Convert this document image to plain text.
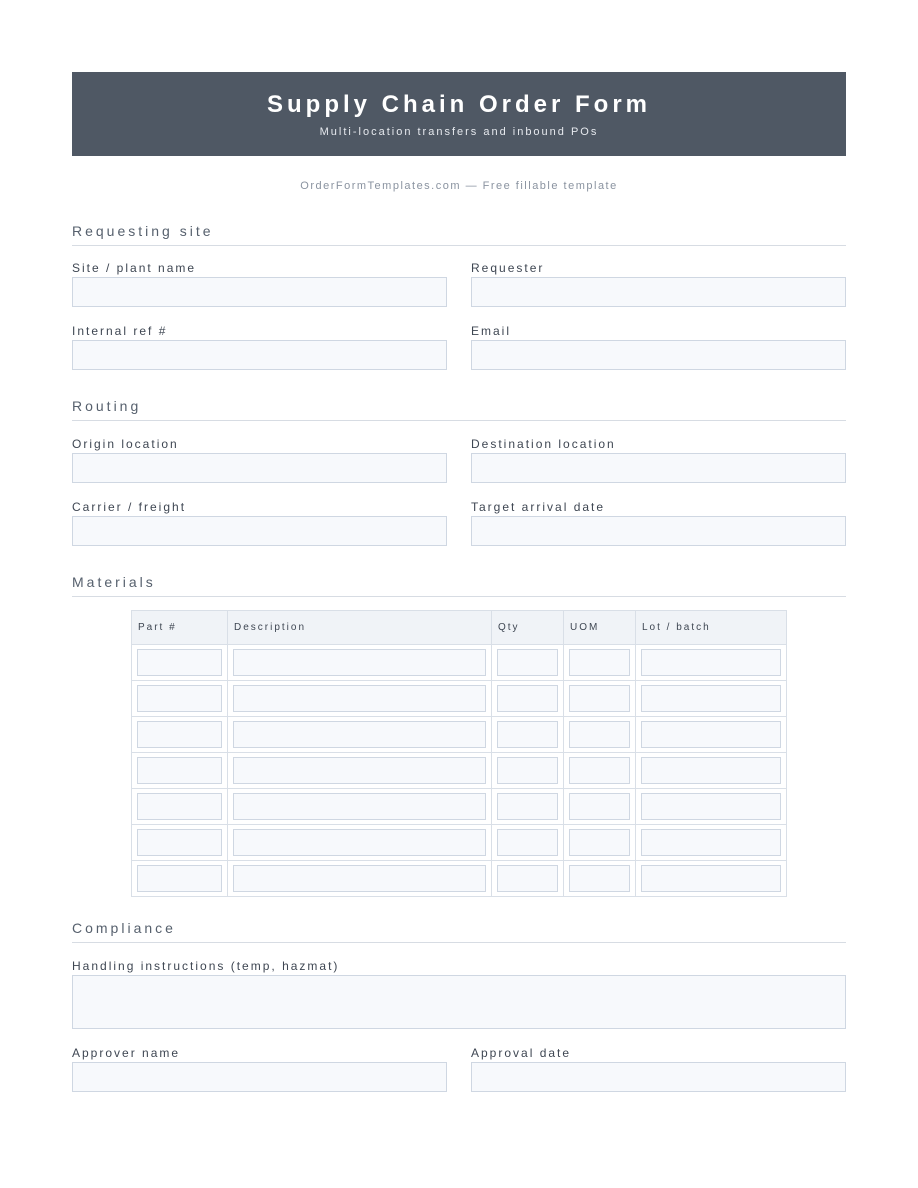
Supply Chain Order Form
Multi-location transfers and inbound POs
OrderFormTemplates.com — Free fillable template
Requesting site
Site / plant name	Requester
Internal ref #	Email
Routing
Origin location	Destination location
Carrier / freight	Target arrival date
Materials
Part #	Description	Qty	UOM	Lot / batch

Compliance
Handling instructions (temp, hazmat)
Approver name	Approval date
